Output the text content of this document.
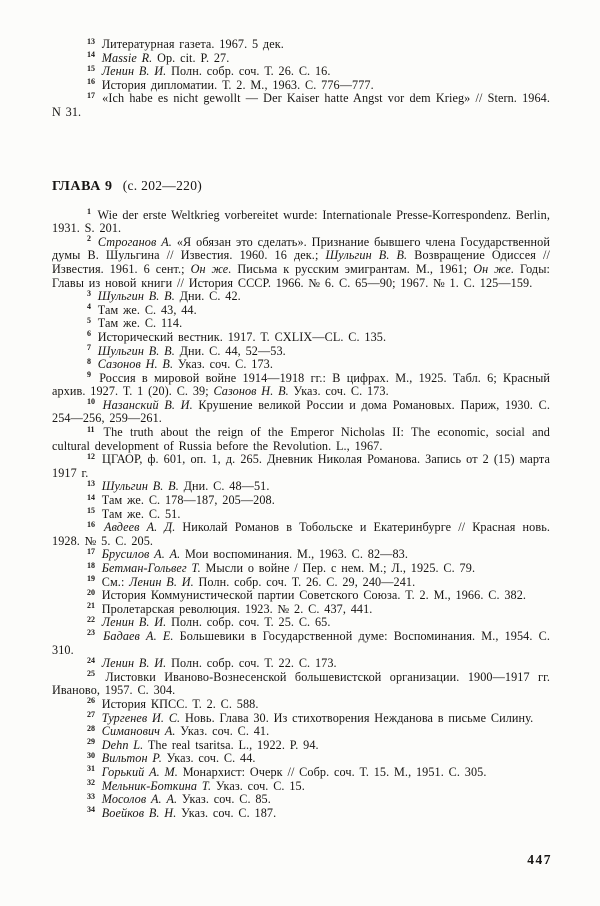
$^{13}$ Литературная газета. 1967. 5 дек.

$^{14}$ Massie R. Op. cit. P. 27.

$^{15}$ Ленин В. И. Полн. собр. соч. Т. 26. С. 16.

$^{16}$ История дипломатии. Т. 2. М., 1963. С. 776—777.

$^{17}$ «Ich habe es nicht gewollt — Der Kaiser hatte Angst vor dem Krieg» // Stern. 1964. N 31.

ГЛАВА 9 (с. 202—220)

$^1$ Wie der erste Weltkrieg vorbereitet wurde: Internationale Presse-Korrespondenz. Berlin, 1931. S. 201.

$^2$ Строганов А. «Я обязан это сделать». Признание бывшего члена Государственной думы В. Шульгина // Известия. 1960. 16 дек.; Шульгин В. В. Возвращение Одиссея // Известия. 1961. 6 сент.; Он же. Письма к русским эмигрантам. М., 1961; Он же. Годы: Главы из новой книги // История СССР. 1966. № 6. С. 65—90; 1967. № 1. С. 125—159.

$^3$ Шульгин В. В. Дни. С. 42.

$^4$ Там же. С. 43, 44.

$^5$ Там же. С. 114.

$^6$ Исторический вестник. 1917. Т. CXLIX—CL. С. 135.

$^7$ Шульгин В. В. Дни. С. 44, 52—53.

$^8$ Сазонов Н. В. Указ. соч. С. 173.

$^9$ Россия в мировой войне 1914—1918 гг.: В цифрах. М., 1925. Табл. 6; Красный архив. 1927. Т. 1 (20). С. 39; Сазонов Н. В. Указ. соч. С. 173.

$^{10}$ Назанский В. И. Крушение великой России и дома Романовых. Париж, 1930. С. 254—256, 259—261.

$^{11}$ The truth about the reign of the Emperor Nicholas II: The economic, social and cultural development of Russia before the Revolution. L., 1967.

$^{12}$ ЦГАОР, ф. 601, оп. 1, д. 265. Дневник Николая Романова. Запись от 2 (15) марта 1917 г.

$^{13}$ Шульгин В. В. Дни. С. 48—51.

$^{14}$ Там же. С. 178—187, 205—208.

$^{15}$ Там же. С. 51.

$^{16}$ Авдеев А. Д. Николай Романов в Тобольске и Екатеринбурге // Красная новь. 1928. № 5. С. 205.

$^{17}$ Брусилов А. А. Мои воспоминания. М., 1963. С. 82—83.

$^{18}$ Бетман-Гольвег Т. Мысли о войне / Пер. с нем. М.; Л., 1925. С. 79.

$^{19}$ См.: Ленин В. И. Полн. собр. соч. Т. 26. С. 29, 240—241.

$^{20}$ История Коммунистической партии Советского Союза. Т. 2. М., 1966. С. 382.

$^{21}$ Пролетарская революция. 1923. № 2. С. 437, 441.

$^{22}$ Ленин В. И. Полн. собр. соч. Т. 25. С. 65.

$^{23}$ Бадаев А. Е. Большевики в Государственной думе: Воспоминания. М., 1954. С. 310.

$^{24}$ Ленин В. И. Полн. собр. соч. Т. 22. С. 173.

$^{25}$ Листовки Иваново-Вознесенской большевистской организации. 1900—1917 гг. Иваново, 1957. С. 304.

$^{26}$ История КПСС. Т. 2. С. 588.

$^{27}$ Тургенев И. С. Новь. Глава 30. Из стихотворения Нежданова в письме Силину.

$^{28}$ Симанович А. Указ. соч. С. 41.

$^{29}$ Dehn L. The real tsaritsa. L., 1922. P. 94.

$^{30}$ Вильтон Р. Указ. соч. С. 44.

$^{31}$ Горький А. М. Монархист: Очерк // Собр. соч. Т. 15. М., 1951. С. 305.

$^{32}$ Мельник-Боткина Т. Указ. соч. С. 15.

$^{33}$ Мосолов А. А. Указ. соч. С. 85.

$^{34}$ Воейков В. Н. Указ. соч. С. 187.

447
